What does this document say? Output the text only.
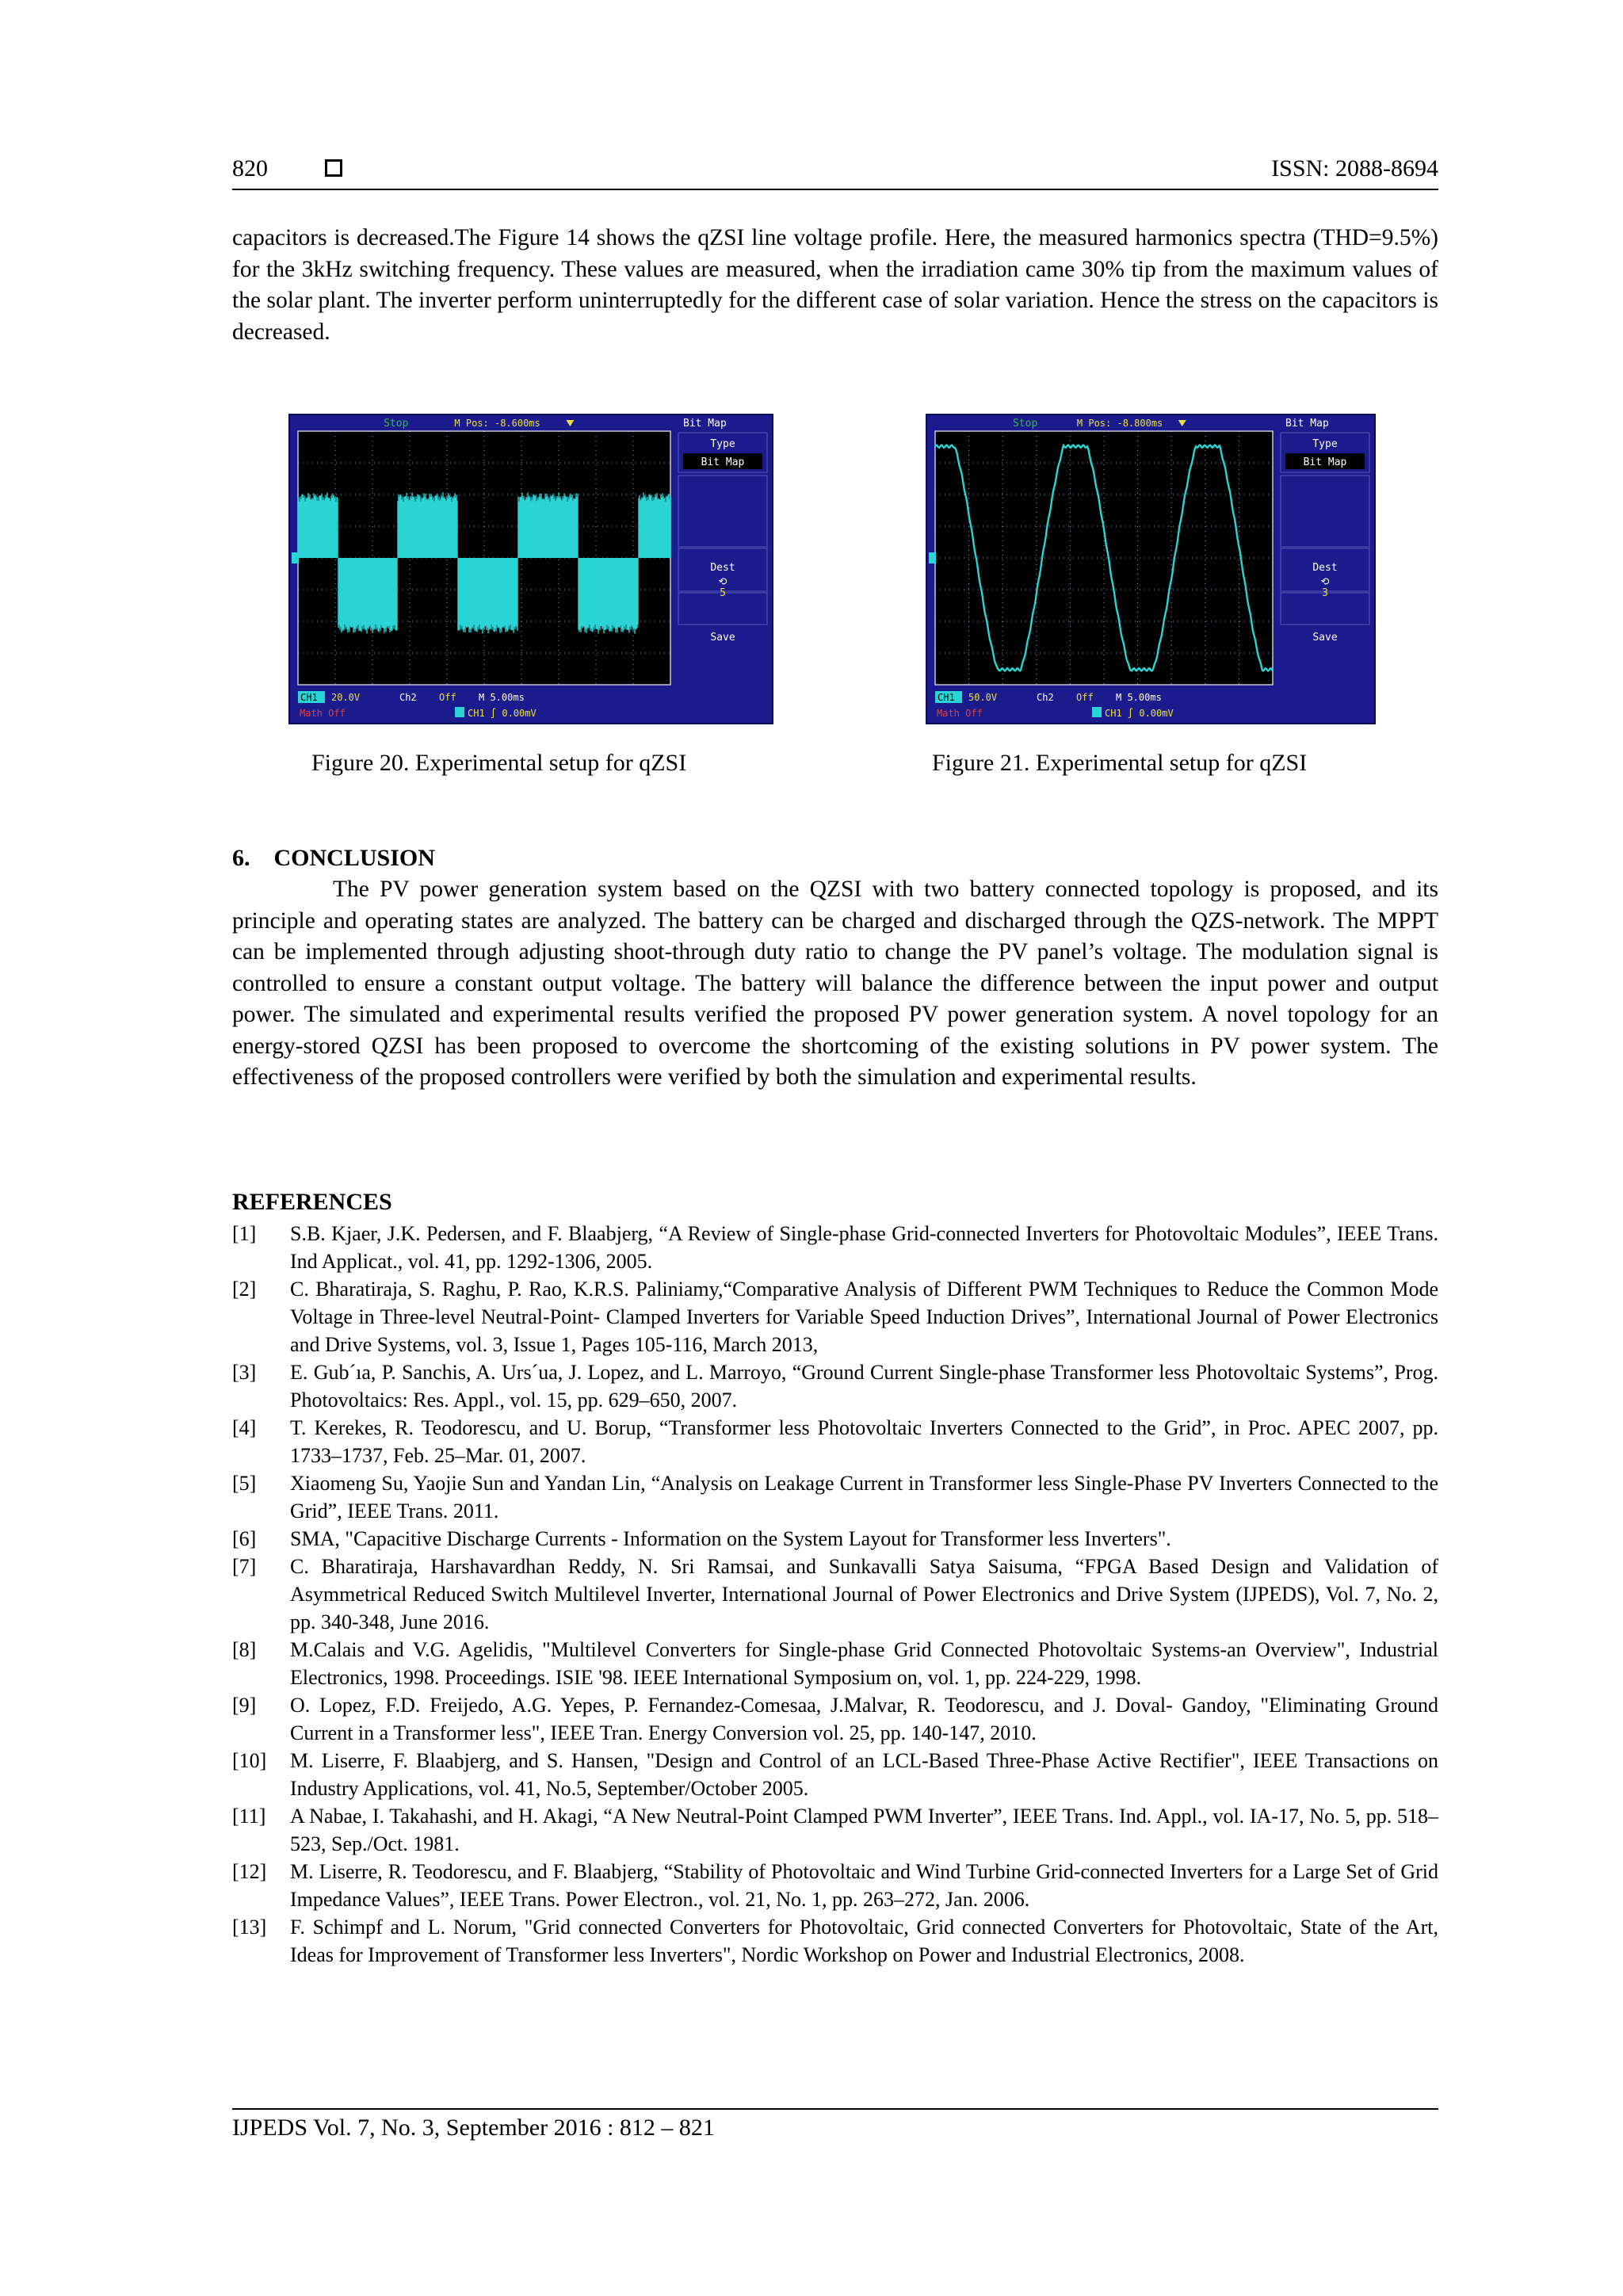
820	ISSN: 2088-8694
capacitors is decreased.The Figure 14 shows the qZSI line voltage profile. Here, the measured harmonics spectra (THD=9.5%) for the 3kHz switching frequency. These values are measured, when the irradiation came 30% tip from the maximum values of the solar plant. The inverter perform uninterruptedly for the different case of solar variation. Hence the stress on the capacitors is decreased.
Stop	M Pos: -8.600ms	Bit Map
Type
Bit Map
Dest
⟲
5
Save
CH1 20.0V	Ch2 Off M 5.00ms
Math Off	CH1 ∫ 0.00mV
Stop	M Pos: -8.800ms	Bit Map
Type
Bit Map
Dest
⟲
3
Save
CH1 50.0V	Ch2 Off M 5.00ms
Math Off	CH1 ∫ 0.00mV
Figure 20. Experimental setup for qZSI	Figure 21. Experimental setup for qZSI
6. CONCLUSION
The PV power generation system based on the QZSI with two battery connected topology is proposed, and its principle and operating states are analyzed. The battery can be charged and discharged through the QZS-network. The MPPT can be implemented through adjusting shoot-through duty ratio to change the PV panel’s voltage. The modulation signal is controlled to ensure a constant output voltage. The battery will balance the difference between the input power and output power. The simulated and experimental results verified the proposed PV power generation system. A novel topology for an energy-stored QZSI has been proposed to overcome the shortcoming of the existing solutions in PV power system. The effectiveness of the proposed controllers were verified by both the simulation and experimental results.
REFERENCES
[1]	S.B. Kjaer, J.K. Pedersen, and F. Blaabjerg, “A Review of Single-phase Grid-connected Inverters for Photovoltaic Modules”, IEEE Trans. Ind Applicat., vol. 41, pp. 1292-1306, 2005.
[2]	C. Bharatiraja, S. Raghu, P. Rao, K.R.S. Paliniamy,“Comparative Analysis of Different PWM Techniques to Reduce the Common Mode Voltage in Three-level Neutral-Point- Clamped Inverters for Variable Speed Induction Drives”, International Journal of Power Electronics and Drive Systems, vol. 3, Issue 1, Pages 105-116, March 2013,
[3]	E. Gub´ıa, P. Sanchis, A. Urs´ua, J. Lopez, and L. Marroyo, “Ground Current Single-phase Transformer less Photovoltaic Systems”, Prog. Photovoltaics: Res. Appl., vol. 15, pp. 629–650, 2007.
[4]	T. Kerekes, R. Teodorescu, and U. Borup, “Transformer less Photovoltaic Inverters Connected to the Grid”, in Proc. APEC 2007, pp. 1733–1737, Feb. 25–Mar. 01, 2007.
[5]	Xiaomeng Su, Yaojie Sun and Yandan Lin, “Analysis on Leakage Current in Transformer less Single-Phase PV Inverters Connected to the Grid”, IEEE Trans. 2011.
[6]	SMA, "Capacitive Discharge Currents - Information on the System Layout for Transformer less Inverters".
[7]	C. Bharatiraja, Harshavardhan Reddy, N. Sri Ramsai, and Sunkavalli Satya Saisuma, “FPGA Based Design and Validation of Asymmetrical Reduced Switch Multilevel Inverter, International Journal of Power Electronics and Drive System (IJPEDS), Vol. 7, No. 2, pp. 340-348, June 2016.
[8]	M.Calais and V.G. Agelidis, "Multilevel Converters for Single-phase Grid Connected Photovoltaic Systems-an Overview", Industrial Electronics, 1998. Proceedings. ISIE '98. IEEE International Symposium on, vol. 1, pp. 224-229, 1998.
[9]	O. Lopez, F.D. Freijedo, A.G. Yepes, P. Fernandez-Comesaa, J.Malvar, R. Teodorescu, and J. Doval- Gandoy, "Eliminating Ground Current in a Transformer less", IEEE Tran. Energy Conversion vol. 25, pp. 140-147, 2010.
[10]	M. Liserre, F. Blaabjerg, and S. Hansen, "Design and Control of an LCL-Based Three-Phase Active Rectifier", IEEE Transactions on Industry Applications, vol. 41, No.5, September/October 2005.
[11]	A Nabae, I. Takahashi, and H. Akagi, “A New Neutral-Point Clamped PWM Inverter”, IEEE Trans. Ind. Appl., vol. IA-17, No. 5, pp. 518–523, Sep./Oct. 1981.
[12]	M. Liserre, R. Teodorescu, and F. Blaabjerg, “Stability of Photovoltaic and Wind Turbine Grid-connected Inverters for a Large Set of Grid Impedance Values”, IEEE Trans. Power Electron., vol. 21, No. 1, pp. 263–272, Jan. 2006.
[13]	F. Schimpf and L. Norum, "Grid connected Converters for Photovoltaic, Grid connected Converters for Photovoltaic, State of the Art, Ideas for Improvement of Transformer less Inverters", Nordic Workshop on Power and Industrial Electronics, 2008.
IJPEDS Vol. 7, No. 3, September 2016 : 812 – 821
